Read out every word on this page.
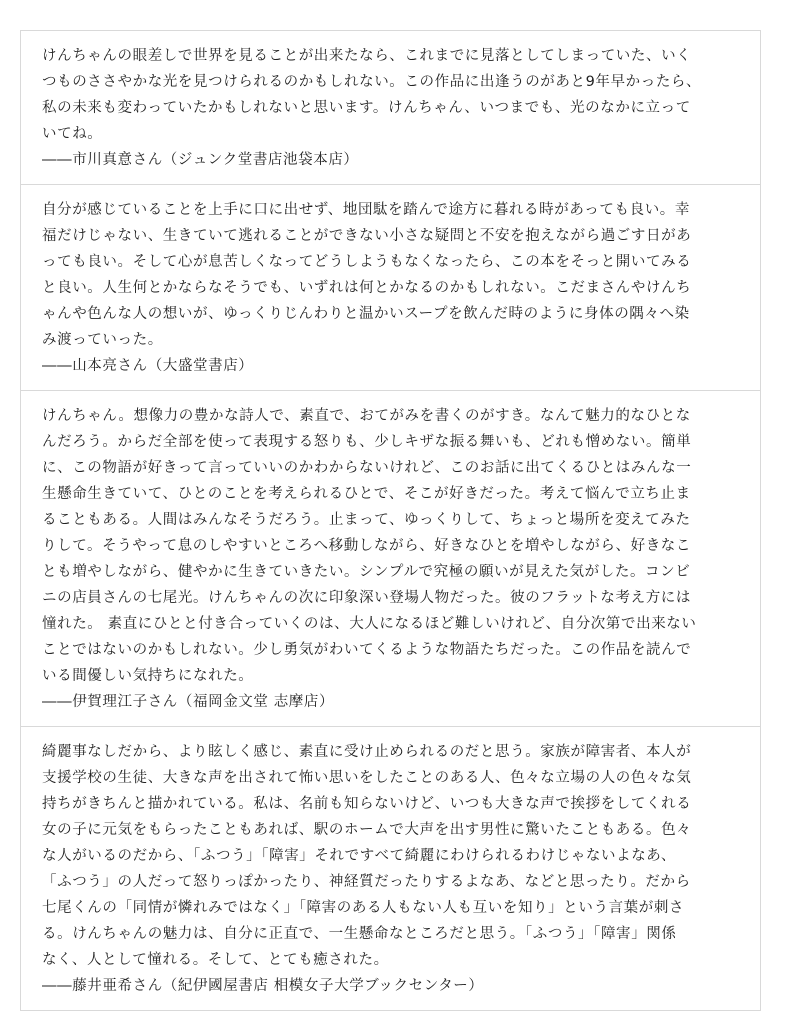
けんちゃんの眼差しで世界を見ることが出来たなら、これまでに見落としてしまっていた、いく
つものささやかな光を見つけられるのかもしれない。この作品に出逢うのがあと9年早かったら、
私の未来も変わっていたかもしれないと思います。けんちゃん、いつまでも、光のなかに立って
いてね。

――市川真意さん（ジュンク堂書店池袋本店）

自分が感じていることを上手に口に出せず、地団駄を踏んで途方に暮れる時があっても良い。幸
福だけじゃない、生きていて逃れることができない小さな疑問と不安を抱えながら過ごす日があ
っても良い。そして心が息苦しくなってどうしようもなくなったら、この本をそっと開いてみる
と良い。人生何とかならなそうでも、いずれは何とかなるのかもしれない。こだまさんやけんち
ゃんや色んな人の想いが、ゆっくりじんわりと温かいスープを飲んだ時のように身体の隅々へ染
み渡っていった。

――山本亮さん（大盛堂書店）

けんちゃん。想像力の豊かな詩人で、素直で、おてがみを書くのがすき。なんて魅力的なひとな
んだろう。からだ全部を使って表現する怒りも、少しキザな振る舞いも、どれも憎めない。簡単
に、この物語が好きって言っていいのかわからないけれど、このお話に出てくるひとはみんな一
生懸命生きていて、ひとのことを考えられるひとで、そこが好きだった。考えて悩んで立ち止ま
ることもある。人間はみんなそうだろう。止まって、ゆっくりして、ちょっと場所を変えてみた
りして。そうやって息のしやすいところへ移動しながら、好きなひとを増やしながら、好きなこ
とも増やしながら、健やかに生きていきたい。シンプルで究極の願いが見えた気がした。コンビ
ニの店員さんの七尾光。けんちゃんの次に印象深い登場人物だった。彼のフラットな考え方には
憧れた。 素直にひとと付き合っていくのは、大人になるほど難しいけれど、自分次第で出来ない
ことではないのかもしれない。少し勇気がわいてくるような物語たちだった。この作品を読んで
いる間優しい気持ちになれた。

――伊賀理江子さん（福岡金文堂 志摩店）

綺麗事なしだから、より眩しく感じ、素直に受け止められるのだと思う。家族が障害者、本人が
支援学校の生徒、大きな声を出されて怖い思いをしたことのある人、色々な立場の人の色々な気
持ちがきちんと描かれている。私は、名前も知らないけど、いつも大きな声で挨拶をしてくれる
女の子に元気をもらったこともあれば、駅のホームで大声を出す男性に驚いたこともある。色々
な人がいるのだから、「ふつう」「障害」それですべて綺麗にわけられるわけじゃないよなあ、
「ふつう」の人だって怒りっぽかったり、神経質だったりするよなあ、などと思ったり。だから
七尾くんの「同情が憐れみではなく」「障害のある人もない人も互いを知り」という言葉が刺さ
る。けんちゃんの魅力は、自分に正直で、一生懸命なところだと思う。「ふつう」「障害」関係
なく、人として憧れる。そして、とても癒された。

――藤井亜希さん（紀伊國屋書店 相模女子大学ブックセンター）
